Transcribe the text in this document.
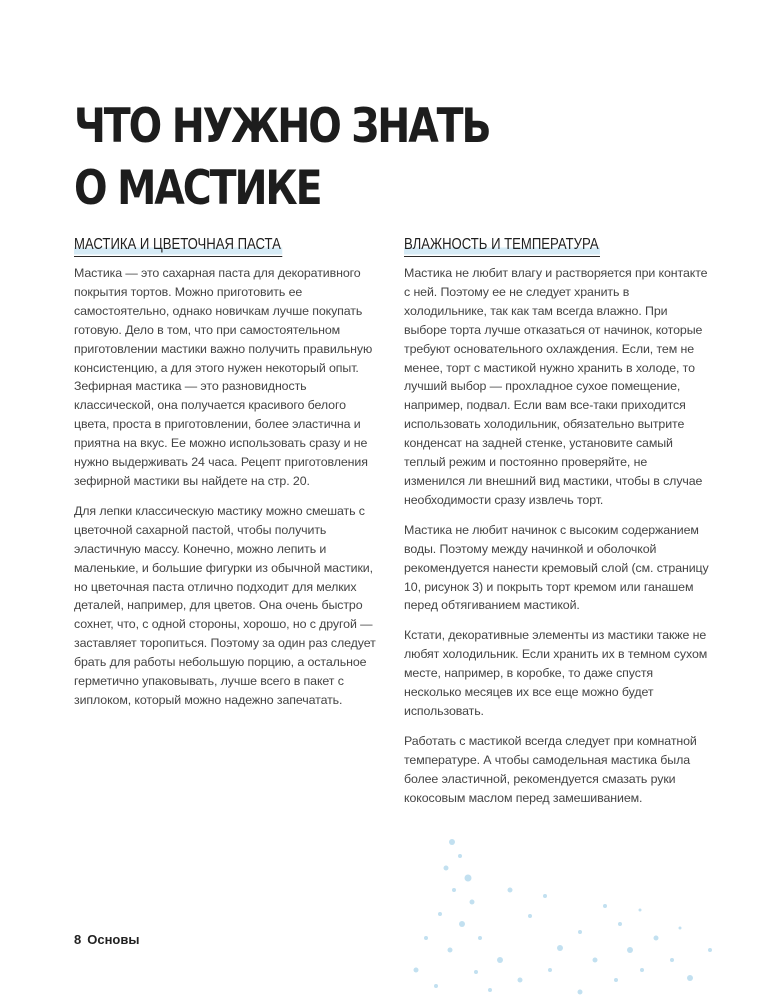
ЧТО НУЖНО ЗНАТЬ
О МАСТИКЕ
МАСТИКА И ЦВЕТОЧНАЯ ПАСТА

Мастика — это сахарная паста для декоративного покрытия тортов. Можно приготовить ее самостоятельно, однако новичкам лучше покупать готовую. Дело в том, что при самостоятельном приготовлении мастики важно получить правильную консистенцию, а для этого нужен некоторый опыт. Зефирная мастика — это разновидность классической, она получается красивого белого цвета, проста в приготовлении, более эластична и приятна на вкус. Ее можно использовать сразу и не нужно выдерживать 24 часа. Рецепт приготовления зефирной мастики вы найдете на стр. 20.

Для лепки классическую мастику можно смешать с цветочной сахарной пастой, чтобы получить эластичную массу. Конечно, можно лепить и маленькие, и большие фигурки из обычной мастики, но цветочная паста отлично подходит для мелких деталей, например, для цветов. Она очень быстро сохнет, что, с одной стороны, хорошо, но с другой — заставляет торопиться. Поэтому за один раз следует брать для работы небольшую порцию, а остальное герметично упаковывать, лучше всего в пакет с зиплоком, который можно надежно запечатать.

ВЛАЖНОСТЬ И ТЕМПЕРАТУРА

Мастика не любит влагу и растворяется при контакте с ней. Поэтому ее не следует хранить в холодильнике, так как там всегда влажно. При выборе торта лучше отказаться от начинок, которые требуют основательного охлаждения. Если, тем не менее, торт с мастикой нужно хранить в холоде, то лучший выбор — прохладное сухое помещение, например, подвал. Если вам все-таки приходится использовать холодильник, обязательно вытрите конденсат на задней стенке, установите самый теплый режим и постоянно проверяйте, не изменился ли внешний вид мастики, чтобы в случае необходимости сразу извлечь торт.

Мастика не любит начинок с высоким содержанием воды. Поэтому между начинкой и оболочкой рекомендуется нанести кремовый слой (см. страницу 10, рисунок 3) и покрыть торт кремом или ганашем перед обтягиванием мастикой.

Кстати, декоративные элементы из мастики также не любят холодильник. Если хранить их в темном сухом месте, например, в коробке, то даже спустя несколько месяцев их все еще можно будет использовать.

Работать с мастикой всегда следует при комнатной температуре. А чтобы самодельная мастика была более эластичной, рекомендуется смазать руки кокосовым маслом перед замешиванием.

8 Основы
